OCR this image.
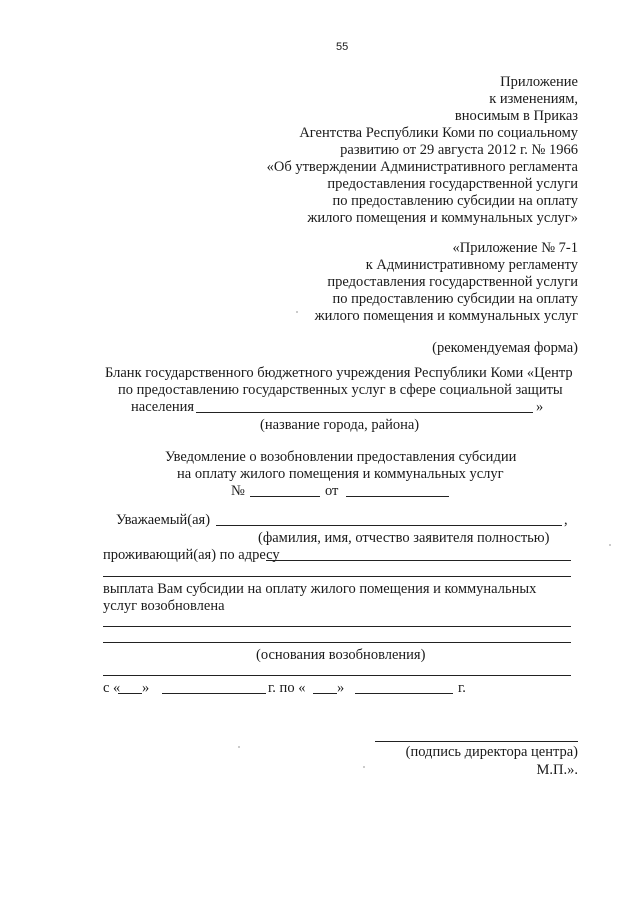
55
Приложение
к изменениям,
вносимым в Приказ
Агентства Республики Коми по социальному
развитию от 29 августа 2012 г. № 1966
«Об утверждении Административного регламента
предоставления государственной услуги
по предоставлению субсидии на оплату
жилого помещения и коммунальных услуг»
«Приложение № 7-1
к Административному регламенту
предоставления государственной услуги
по предоставлению субсидии на оплату
жилого помещения и коммунальных услуг
(рекомендуемая форма)
Бланк государственного бюджетного учреждения Республики Коми «Центр
по предоставлению государственных услуг в сфере социальной защиты
населения	»
(название города, района)
Уведомление о возобновлении предоставления субсидии
на оплату жилого помещения и коммунальных услуг
№	от
Уважаемый(ая)	,
(фамилия, имя, отчество заявителя полностью)
проживающий(ая) по адресу
выплата Вам субсидии на оплату жилого помещения и коммунальных
услуг возобновлена
(основания возобновления)
с « »	г. по « »	г.
(подпись директора центра)
М.П.».
